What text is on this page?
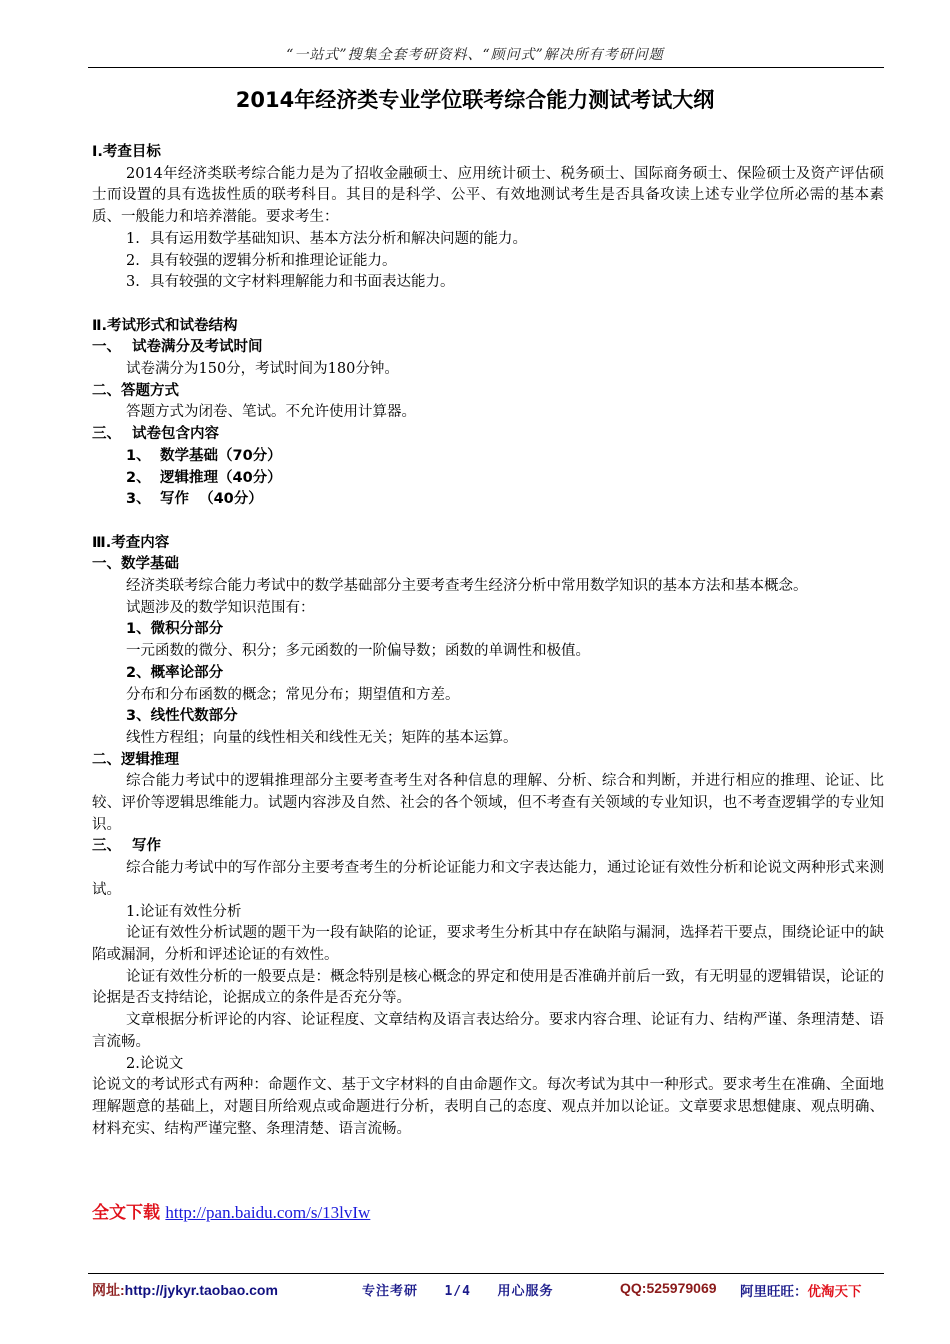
“一站式”搜集全套考研资料、“顾问式”解决所有考研问题
2014年经济类专业学位联考综合能力测试考试大纲
Ⅰ.考查目标

2014年经济类联考综合能力是为了招收金融硕士、应用统计硕士、税务硕士、国际商务硕士、保险硕士及资产评估硕士而设置的具有选拔性质的联考科目。其目的是科学、公平、有效地测试考生是否具备攻读上述专业学位所必需的基本素质、一般能力和培养潜能。要求考生：

1. 具有运用数学基础知识、基本方法分析和解决问题的能力。
2. 具有较强的逻辑分析和推理论证能力。
3. 具有较强的文字材料理解能力和书面表达能力。
Ⅱ.考试形式和试卷结构
一、 试卷满分及考试时间

试卷满分为150分，考试时间为180分钟。

二、答题方式

答题方式为闭卷、笔试。不允许使用计算器。

三、 试卷包含内容
1、 数学基础（70分）
2、 逻辑推理（40分）
3、 写作  （40分）
Ⅲ.考查内容
一、数学基础

经济类联考综合能力考试中的数学基础部分主要考查考生经济分析中常用数学知识的基本方法和基本概念。

试题涉及的数学知识范围有：

1、微积分部分

一元函数的微分、积分；多元函数的一阶偏导数；函数的单调性和极值。

2、概率论部分

分布和分布函数的概念；常见分布；期望值和方差。

3、线性代数部分

线性方程组；向量的线性相关和线性无关；矩阵的基本运算。

二、逻辑推理

综合能力考试中的逻辑推理部分主要考查考生对各种信息的理解、分析、综合和判断，并进行相应的推理、论证、比较、评价等逻辑思维能力。试题内容涉及自然、社会的各个领域，但不考查有关领域的专业知识，也不考查逻辑学的专业知识。

三、 写作

综合能力考试中的写作部分主要考查考生的分析论证能力和文字表达能力，通过论证有效性分析和论说文两种形式来测试。

1.论证有效性分析

论证有效性分析试题的题干为一段有缺陷的论证，要求考生分析其中存在缺陷与漏洞，选择若干要点，围绕论证中的缺陷或漏洞，分析和评述论证的有效性。

论证有效性分析的一般要点是：概念特别是核心概念的界定和使用是否准确并前后一致，有无明显的逻辑错误，论证的论据是否支持结论，论据成立的条件是否充分等。

文章根据分析评论的内容、论证程度、文章结构及语言表达给分。要求内容合理、论证有力、结构严谨、条理清楚、语言流畅。

2.论说文

论说文的考试形式有两种：命题作文、基于文字材料的自由命题作文。每次考试为其中一种形式。要求考生在准确、全面地理解题意的基础上，对题目所给观点或命题进行分析，表明自己的态度、观点并加以论证。文章要求思想健康、观点明确、材料充实、结构严谨完整、条理清楚、语言流畅。

全文下载 http://pan.baidu.com/s/13lvIw
网址:http://jykyr.taobao.com	专注考研   1/4   用心服务	QQ:525979069 阿里旺旺：优淘天下
